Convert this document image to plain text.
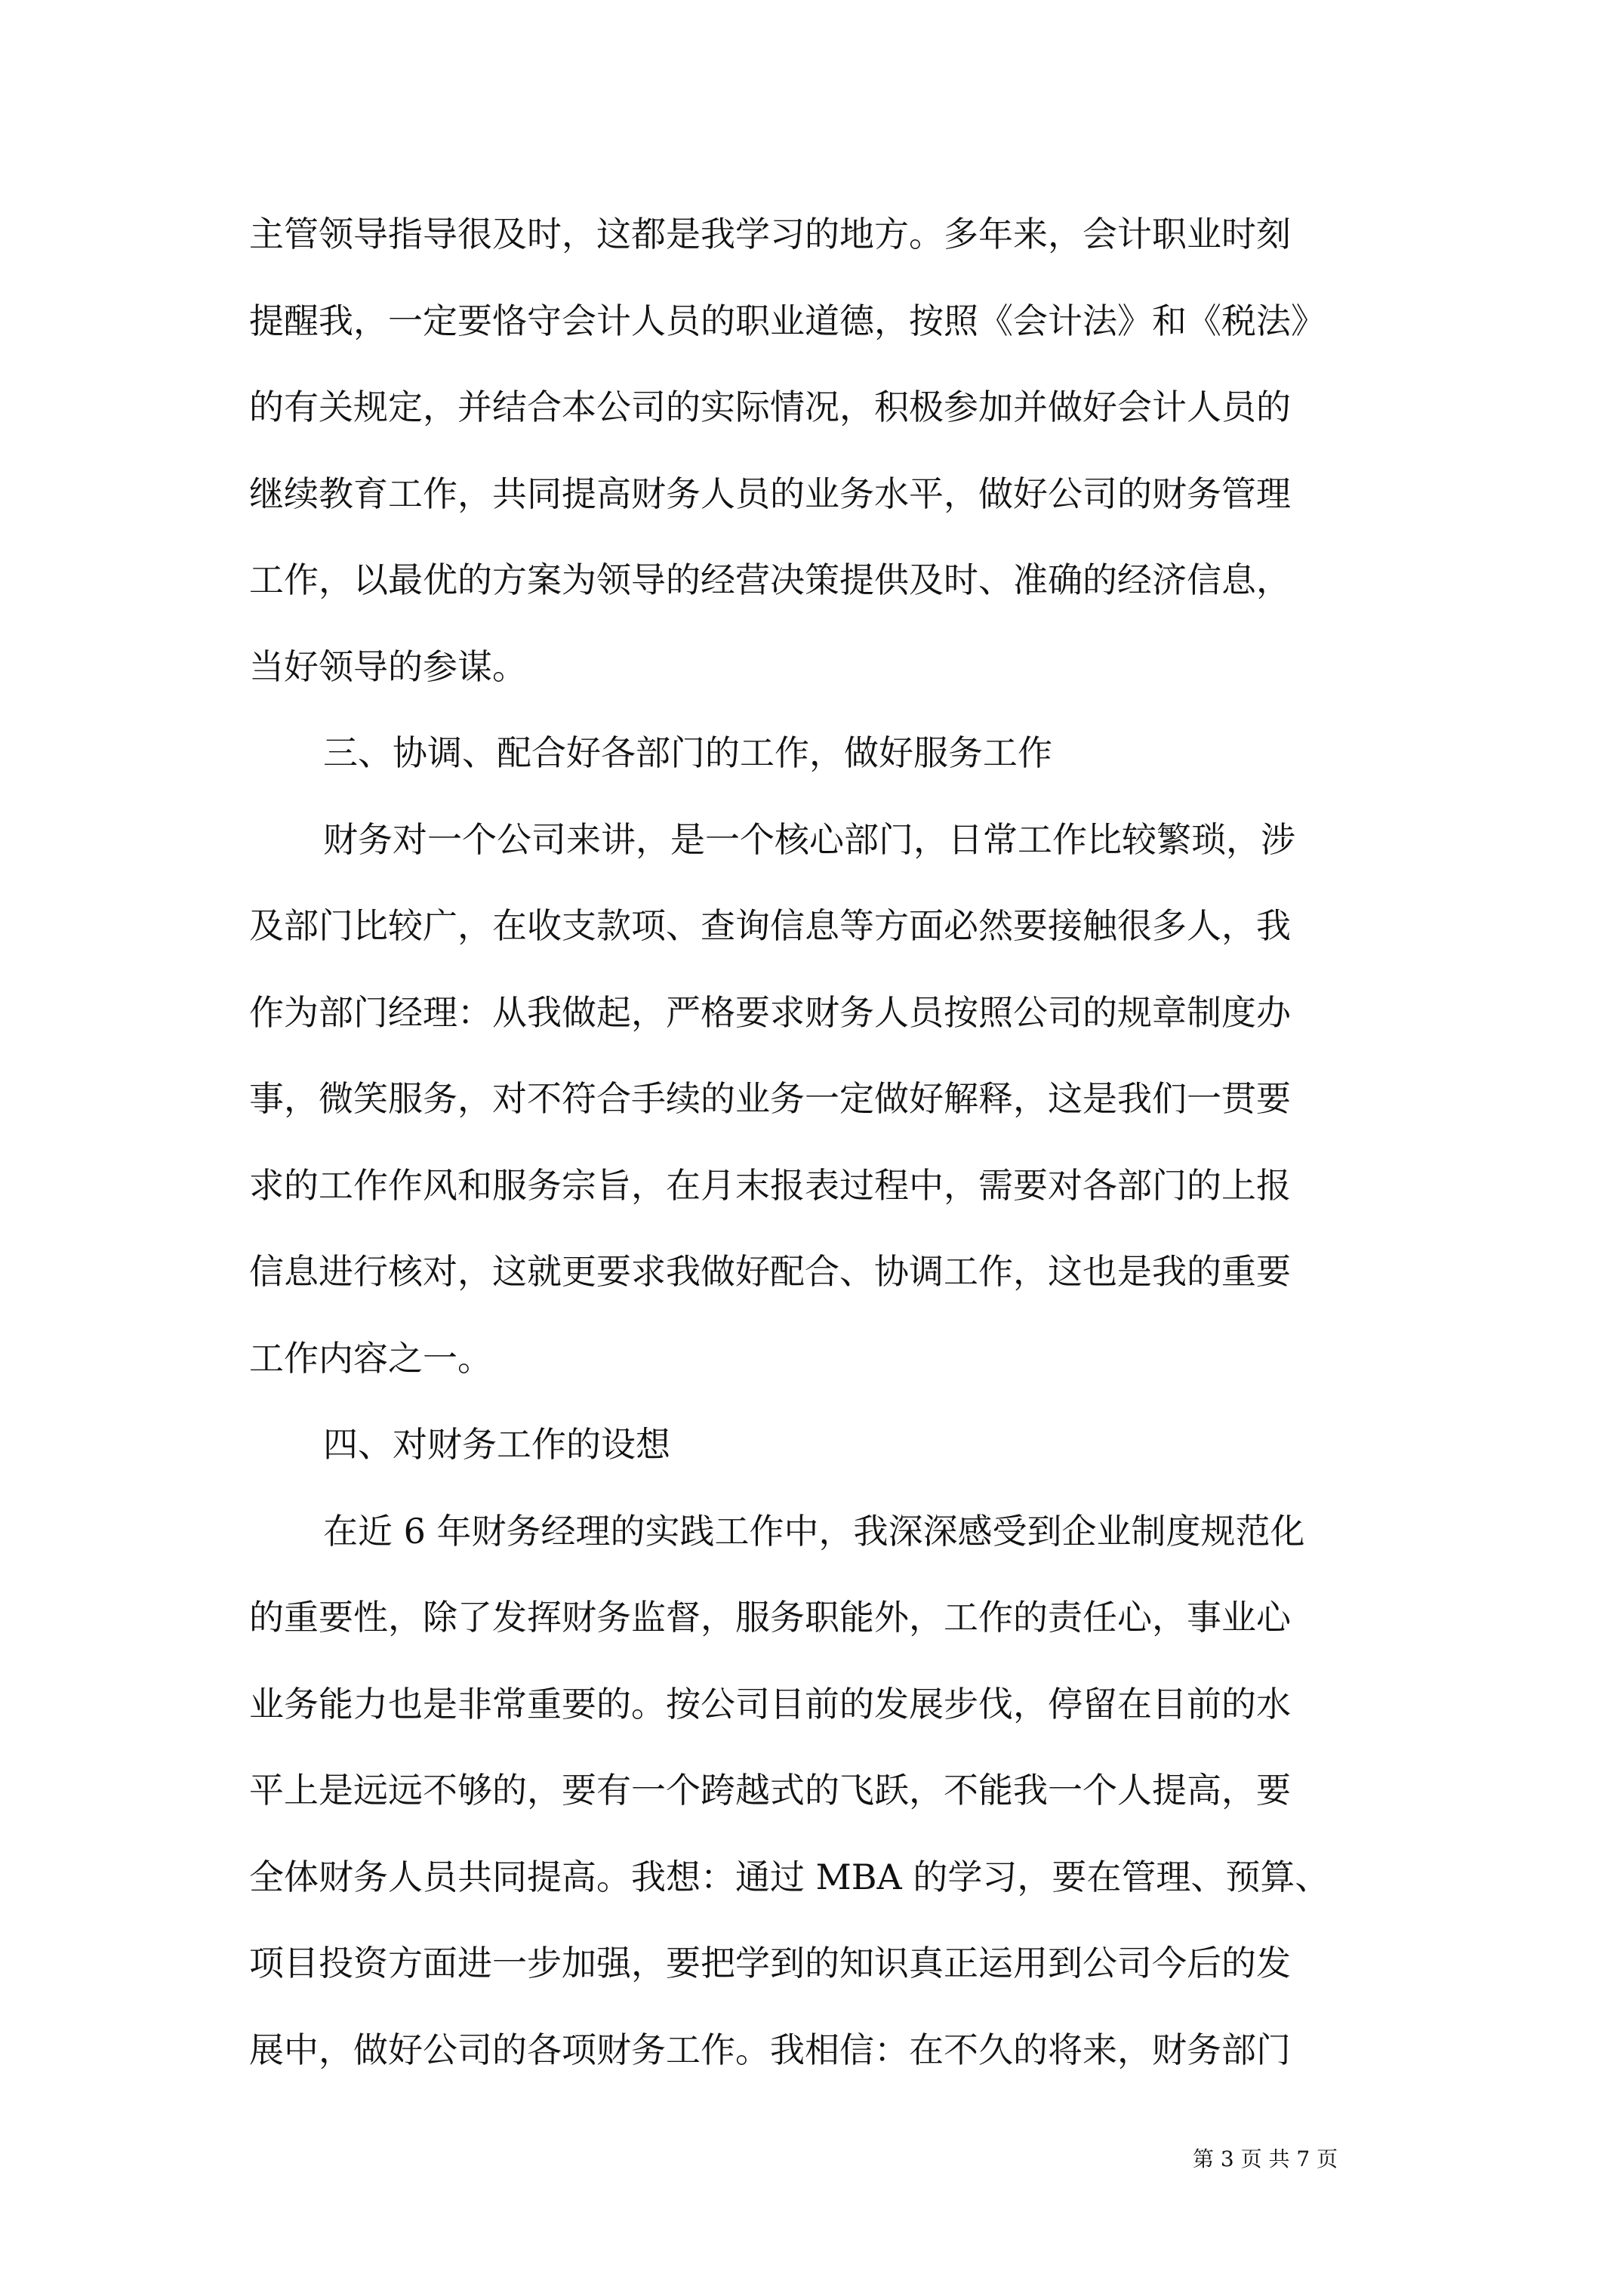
主管领导指导很及时，这都是我学习的地方。多年来，会计职业时刻
提醒我，一定要恪守会计人员的职业道德，按照《会计法》和《税法》
的有关规定，并结合本公司的实际情况，积极参加并做好会计人员的
继续教育工作，共同提高财务人员的业务水平，做好公司的财务管理
工作，以最优的方案为领导的经营决策提供及时、准确的经济信息，
当好领导的参谋。
三、协调、配合好各部门的工作，做好服务工作
财务对一个公司来讲，是一个核心部门，日常工作比较繁琐，涉
及部门比较广，在收支款项、查询信息等方面必然要接触很多人，我
作为部门经理：从我做起，严格要求财务人员按照公司的规章制度办
事，微笑服务，对不符合手续的业务一定做好解释，这是我们一贯要
求的工作作风和服务宗旨，在月末报表过程中，需要对各部门的上报
信息进行核对，这就更要求我做好配合、协调工作，这也是我的重要
工作内容之一。
四、对财务工作的设想
在近 6 年财务经理的实践工作中，我深深感受到企业制度规范化
的重要性，除了发挥财务监督，服务职能外，工作的责任心，事业心
业务能力也是非常重要的。按公司目前的发展步伐，停留在目前的水
平上是远远不够的，要有一个跨越式的飞跃，不能我一个人提高，要
全体财务人员共同提高。我想：通过 MBA 的学习，要在管理、预算、
项目投资方面进一步加强，要把学到的知识真正运用到公司今后的发
展中，做好公司的各项财务工作。我相信：在不久的将来，财务部门
第 3 页 共 7 页
